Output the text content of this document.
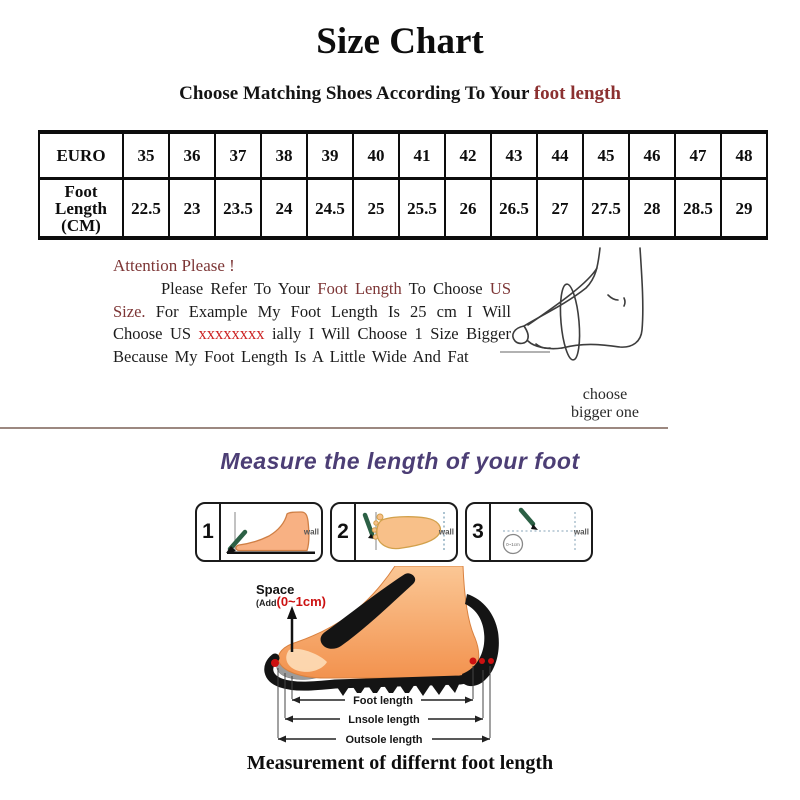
Size Chart
Choose Matching Shoes According To Your foot length
EURO	35	36	37	38	39	40	41	42	43	44	45	46	47	48
Foot Length (CM)	22.5	23	23.5	24	24.5	25	25.5	26	26.5	27	27.5	28	28.5	29
Attention Please !

Please Refer To Your Foot Length To Choose US Size. For Example My Foot Length Is 25 cm I Will Choose US xxxxxxxx ially I Will Choose 1 Size Bigger Because My Foot Length Is A Little Wide And Fat

choose
bigger one
Measure the length of your foot
1	wall 2	wall 3
0~1cm
wall
Foot length
Lnsole length
Outsole length
Space
(Add(0~1cm)
Measurement of differnt foot length
